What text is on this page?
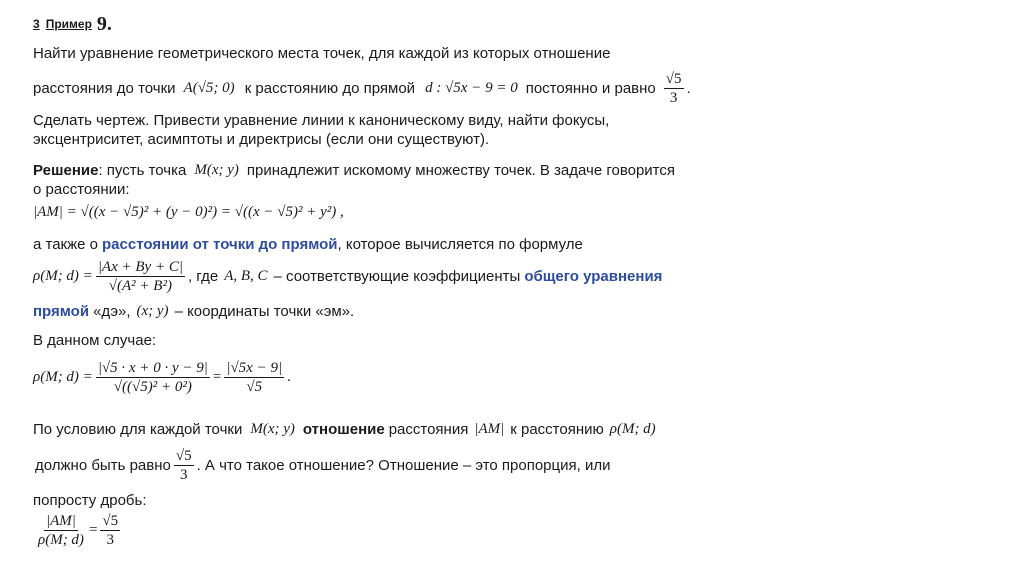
3 Пример 9.

Найти уравнение геометрического места точек, для каждой из которых отношение

расстояния до точки A(√5; 0) к расстоянию до прямой d : √5x − 9 = 0 постоянно и равно $\frac{√5}{3}$ .

Сделать чертеж. Привести уравнение линии к каноническому виду, найти фокусы,

эксцентриситет, асимптоты и директрисы (если они существуют).

Решение : пусть точка M(x; y) принадлежит искомому множеству точек. В задаче говорится

о расстоянии:

|AM| = √((x − √5)² + (y − 0)²) = √((x − √5)² + y²) ,
а также о расстоянии от точки до прямой , которое вычисляется по формуле
ρ(M; $d) = \frac{|Ax + By + C|}{\text{√(A² + B²)}}$ , где A, B, C – соответствующие коэффициенты общего уравнения
прямой «дэ», (x; y) – координаты точки «эм».

В данном случае:

ρ(M; $d) = \frac{|√5 \cdot x + 0 \cdot y - 9|}{\text{√((√5)² + 0²)}} = \frac{|√5x - 9|}{√5}$ .
По условию для каждой точки M(x; y) отношение расстояния |AM| к расстоянию ρ(M; d)
должно быть равно $\frac{√5}{3}$ . А что такое отношение? Отношение – это пропорция, или

попросту дробь:

$\frac{|AM|}{\rho(M; d)} = \frac{√5}{3}$
